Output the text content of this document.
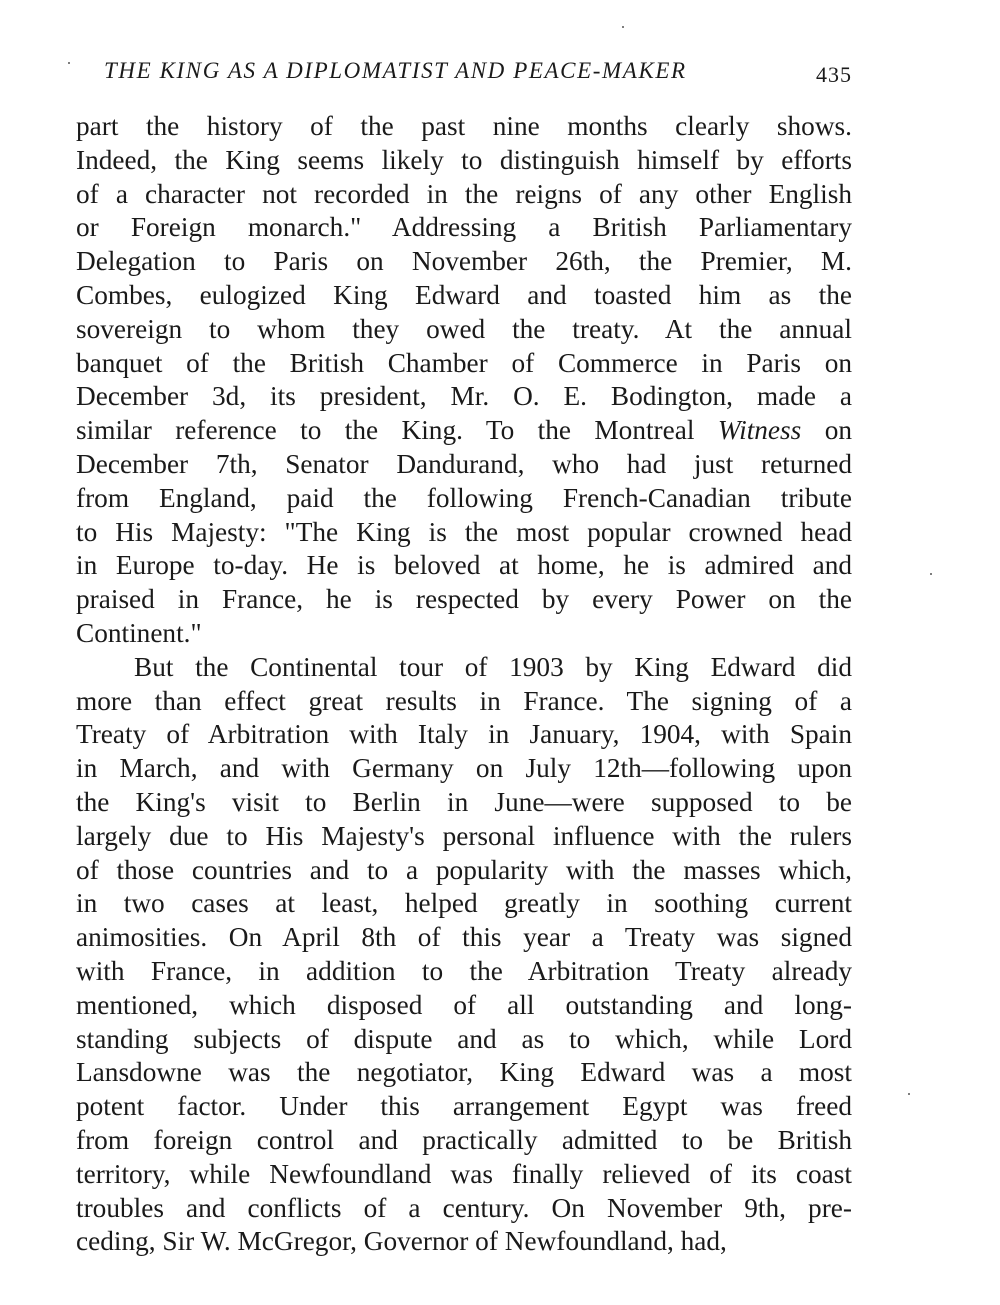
THE KING AS A DIPLOMATIST AND PEACE-MAKER	435
part the history of the past nine months clearly shows.
Indeed, the King seems likely to distinguish himself by efforts
of a character not recorded in the reigns of any other English
or Foreign monarch." Addressing a British Parliamentary
Delegation to Paris on November 26th, the Premier, M.
Combes, eulogized King Edward and toasted him as the
sovereign to whom they owed the treaty. At the annual
banquet of the British Chamber of Commerce in Paris on
December 3d, its president, Mr. O. E. Bodington, made a
similar reference to the King. To the Montreal Witness on
December 7th, Senator Dandurand, who had just returned
from England, paid the following French-Canadian tribute
to His Majesty: "The King is the most popular crowned head
in Europe to-day. He is beloved at home, he is admired and
praised in France, he is respected by every Power on the
Continent."
But the Continental tour of 1903 by King Edward did
more than effect great results in France. The signing of a
Treaty of Arbitration with Italy in January, 1904, with Spain
in March, and with Germany on July 12th—following upon
the King's visit to Berlin in June—were supposed to be
largely due to His Majesty's personal influence with the rulers
of those countries and to a popularity with the masses which,
in two cases at least, helped greatly in soothing current
animosities. On April 8th of this year a Treaty was signed
with France, in addition to the Arbitration Treaty already
mentioned, which disposed of all outstanding and long-
standing subjects of dispute and as to which, while Lord
Lansdowne was the negotiator, King Edward was a most
potent factor. Under this arrangement Egypt was freed
from foreign control and practically admitted to be British
territory, while Newfoundland was finally relieved of its coast
troubles and conflicts of a century. On November 9th, pre-
ceding, Sir W. McGregor, Governor of Newfoundland, had,
